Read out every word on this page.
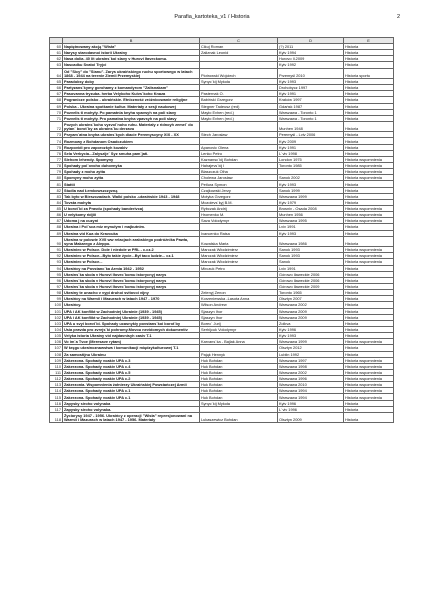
Parafia_kartoteka_v1 / Historia	2
	B	C	D	E
60	Napiętnowany akcją "Wisła"	Cikuj Roman	(?) 2011	Historia
61	Narysy starodavnoi istorii Ukrainy	Zaliznak Leonid	Kyiv 1994	Historia
62	Nasa dolia. 40 lit ukrains´koi slavy v Hurovi Iłaveckomu.		Hurovo Il.2009	Historia
63	Nascadku Svatoi Tryjci		Kyiv 1992	Historia
64	Od "Sicy" do "Sianu". Zarys ukraińskiego ruchu sportowego w latach 1868 - 1944 na terenie Ziemii Przemyskiej	Piotrowski Wojciech	Przemyśl 2010	Historia sportu
65	Paradoksy doby	Synyc´kij Mykoła	Kyiv 1993	Historia
66	Partyzans´kymy gorohamy z komandyrom "Zalisnakam"		Drohobycz 1997	Historia
67	Pasovanna tryzuba. herba Velykoho Kuivs´koho Knaza	Pasternak O.	Kyiv 1991	Historia
68	Pogranicze polsko - ukraińskie. Etniczność zróżnicowanie religijne	Babiński Grzegorz	Kraków 1997	Historia
69	Polska - Ukraina spotkanie kultur. Materiały z sesji naukowej	Stegner Tadeusz (red)	Gdańsk 1987	Historia
70	Pozvelis ti mohyły. Po pamatnia knyha vpavsyh na poli slavy	Mayło Evhen (red.)	Warszawa - Toronto 1	Historia
71	Pozvelis ti mohyły. Pro pamatna knyha vpavsyh na poli slavy	Mayło Evhen (red.)	Warszawa - Toronto 1	Historia
72	Pozych ukrains´koho vyzvol´noho ruhu. Materiały z ridnoyh zemel´ do pytan´ borot´by za ukrains´ku derzavu		Munhen 1948	Historia
73	Przyam´atna knyha ukrains´kych diacie Peremyscyny XIX - XX	Stech Jarosław	Peremyśl - Lviv 2006	Historia
74	Rozmowy z Bohdanom Osadczukiem		Kyiv 2009	Historia
75	Rozpovidi pro zaporozkyh kozakiv	Apanovic Olena	Kyiv 1991	Historia
76	Sela Verbycia...Zalyszije´ Syz smuha pam´jati.	Lenko Petro	L´viv 1998	Historia
77	Slehom lehendy. Spomyny	Kaznansc´kij Bohdan	London 1975	Historia wspomnienia
78	Spohady pol´ovoho duhovnyka	Hahajevs´kij I	Toronto 1985	Historia wspomnienia
79	Spohady z moho zytta	Błaszczuk Olha		Historia wspomnienia
80	Spomyny moho zytta	Cholewa Jarosław	Sanok 2002	Historia wspomnienia
81	Stattii	Petlura Symon	Kyiv 1993	Historia
82	Studia nad Łemkowszczyzną	Czajkowski Jerzy	Sanok 1999	Historia
83	Tak było w Bieszczadach. Walki polsko -ukraińskie 1943 - 1948	Motyka Grzegorz	Warszawa 1999	Historia
84	Tovsta mohyła	Mozolevs´kyj B.M.	Kyiv 1979	Historia
85	U borot´bi za Pravdu (spohady banderivca)	Rybczak Andrij	Brosniv - Osada 2008	Historia wspomnienia
86	U velykomy ridjiii	Hromenko M.	Munhen 1956	Historia wspomnienia
87	Udoma j na cuzyni	Sava Volodymyr	Warszawa 1995	Historia wspomnienia
88	Ukraina i Pol´sca miz mynułym i majbutnim.		Lviv 1991	Historia
89	Ukraina vid Kua do Kravcuka	Ivancenko Raisa	Kyiv 1993	Historia
90	Ukraina w polowie XVII ww relacjach arabskiego podróżnika Pawła, syna Makarego z Aleppo.	Kowalska Maria	Warszawa 1986	Historia
91	Ukrainiec w Polsce. Dole i niedole w PRL - c.cz.2	Marczak Włodzimierz	Sanok 1993	Historia wspomnienia
92	Ukrainiec w Polsce...Było takie życie...Był taco ludzie... cz.1	Marczak Włodzimierz	Sanok 1993	Historia wspomnienia
93	Ukrainiec w Polsce...	Marczak Włodzimierz	Sanok	Historia wspomnienia
94	Ukraińcy na Povstanc´ka Armia 1942 - 1952	Mirczuk Petro	Lviv 1991	Historia
95	Ukrains´ka skola v Hurovi Iłovec´komu istorycnyj narys		Górowo Iławeckie 2006	Historia
96	Ukrains´ka skola v Hurovi Iłovec´komu istorycnyj narys		Górowo Iławeckie 2006	Historia
97	Ukrains´ka skola v Hurovi Iłovec´komu istorycnyj narys		Górowo Iławeckie 2009	Historia
98	Ukrainy te unacho v vypi druhoi svitovoi vijny	Zelenyj Zenon	Toronto 1965	Historia
99	Ukraińcy na Warmii i Mazurach w latach 1947 - 1970	Korzeniewska -Lasota Anna	Olsztyn 2007	Historia
100	Ukraińcy.	Wilson Andrew	Warszawa 2002	Historia
101	UPA i AK konflikt w Zachodniej Ukrainie (1939 - 1945)	Sjaszyn Ihor	Warszawa 2009	Historia
102	UPA i AK konflikt w Zachodniej Ukrainie (1939 - 1945)	Sjaszyn Ihor	Warszawa 2009	Historia
103	UPA u svyi borot´bi. Spohady ucasnykiy povstans´koi borot´by	Borec´ Jurij	Zolkva	Historia
104	Usia pravda pro zvrejs´ki pohromy.Movou nevidomych dokumentiv	Serhijcuk Volodymyr	Kyiv 1996	Historia
105	Velyka istoria Ukrainy vid najdavnisyh casiv T.1		Kyiv 1993	Historia
106	Vo im´a Tvoe (Meresave rytam)	Karvans´ka - Bajlak Anna	Warszawa 1999	Historia wspomnienia
107	W kręgu ukrainoznawstwa i komunikacji międzykulturowej T.1		Olsztyn 2012	Historia
108	Za samostijnu Ukrainu	Pająk Hennyk	Lublin 1992	Historia
109	Zakerzona. Spohady voakiv UPA c.3	Huk Bohdan	Warszawa 1997	Historia wspomnienia
110	Zakerzona. Spohady voakiv UPA c.4	Huk Bohdan	Warszawa 1998	Historia wspomnienia
111	Zakerzona. Spohady voakiv UPA c.5	Huk Bohdan	Warszawa 2002	Historia wspomnienia
112	Zakerzona. Spohady voakiv UPA c.2	Huk Bohdan	Warszawa 1996	Historia wspomnienia
113	Zakerzonia. Wspomnienia żołnierzy Ukraińskiej Powstańczej Armii	Huk Bohdan	Warszawa 2010	Historia wspomnienia
114	Zakerzona. Spohady voakiv UPA c.1	Huk Bohdan	Warszawa 1994	Historia wspomnienia
115	Zakerzona. Spohady voakiv UPA c.1	Huk Bohdan	Warszawa 1994	Historia wspomnienia
116	Zapysky siroho volynaka	Synyc´kij Mykoła	Kyiv 1996	Historia
117	Zapysky siroho volynaka.		L´viv 1996	Historia
118	Życiorysy 1947 - 1956. Ukraińcy z operacji "Wisła" represjonowani na Warmii i Mazurach w latach 1947 - 1956. Materiały	Lukaszewicz Bohdan	Olsztyn 2009	Historia
